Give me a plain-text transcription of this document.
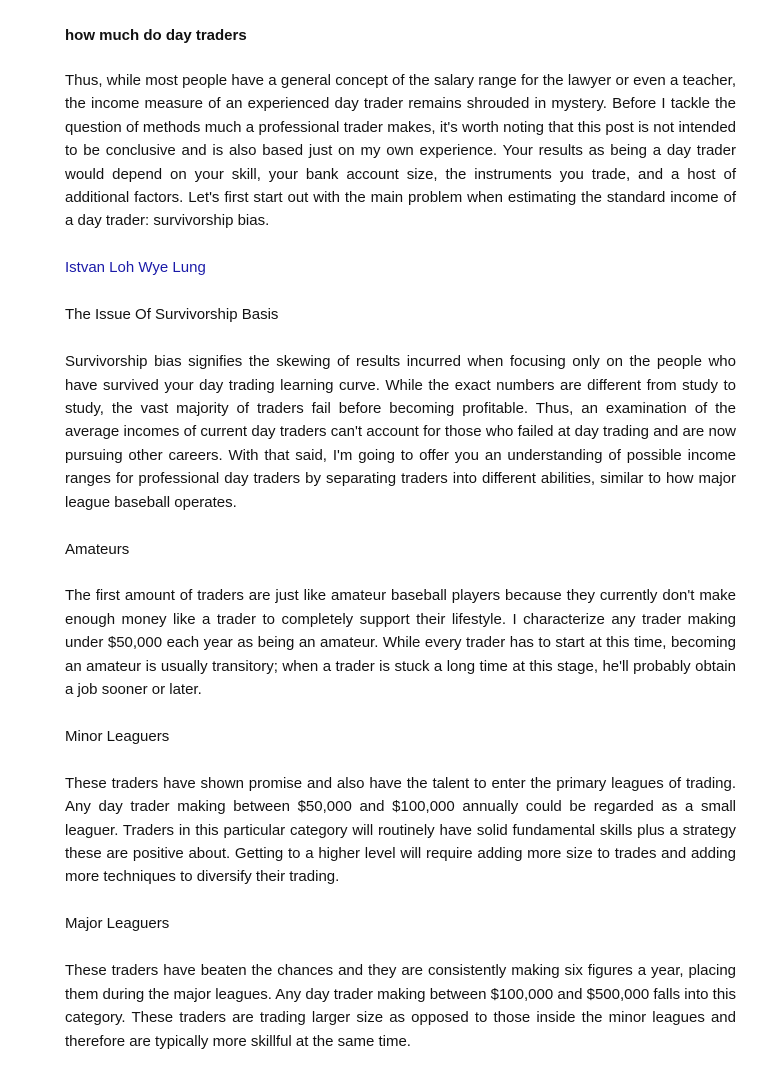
how much do day traders

Thus, while most people have a general concept of the salary range for the lawyer or even a teacher, the income measure of an experienced day trader remains shrouded in mystery. Before I tackle the question of methods much a professional trader makes, it's worth noting that this post is not intended to be conclusive and is also based just on my own experience. Your results as being a day trader would depend on your skill, your bank account size, the instruments you trade, and a host of additional factors. Let's first start out with the main problem when estimating the standard income of a day trader: survivorship bias.

Istvan Loh Wye Lung
The Issue Of Survivorship Basis

Survivorship bias signifies the skewing of results incurred when focusing only on the people who have survived your day trading learning curve. While the exact numbers are different from study to study, the vast majority of traders fail before becoming profitable. Thus, an examination of the average incomes of current day traders can't account for those who failed at day trading and are now pursuing other careers. With that said, I'm going to offer you an understanding of possible income ranges for professional day traders by separating traders into different abilities, similar to how major league baseball operates.

Amateurs

The first amount of traders are just like amateur baseball players because they currently don't make enough money like a trader to completely support their lifestyle. I characterize any trader making under $50,000 each year as being an amateur. While every trader has to start at this time, becoming an amateur is usually transitory; when a trader is stuck a long time at this stage, he'll probably obtain a job sooner or later.

Minor Leaguers

These traders have shown promise and also have the talent to enter the primary leagues of trading. Any day trader making between $50,000 and $100,000 annually could be regarded as a small leaguer. Traders in this particular category will routinely have solid fundamental skills plus a strategy these are positive about. Getting to a higher level will require adding more size to trades and adding more techniques to diversify their trading.

Major Leaguers

These traders have beaten the chances and they are consistently making six figures a year, placing them during the major leagues. Any day trader making between $100,000 and $500,000 falls into this category. These traders are trading larger size as opposed to those inside the minor leagues and therefore are typically more skillful at the same time.
